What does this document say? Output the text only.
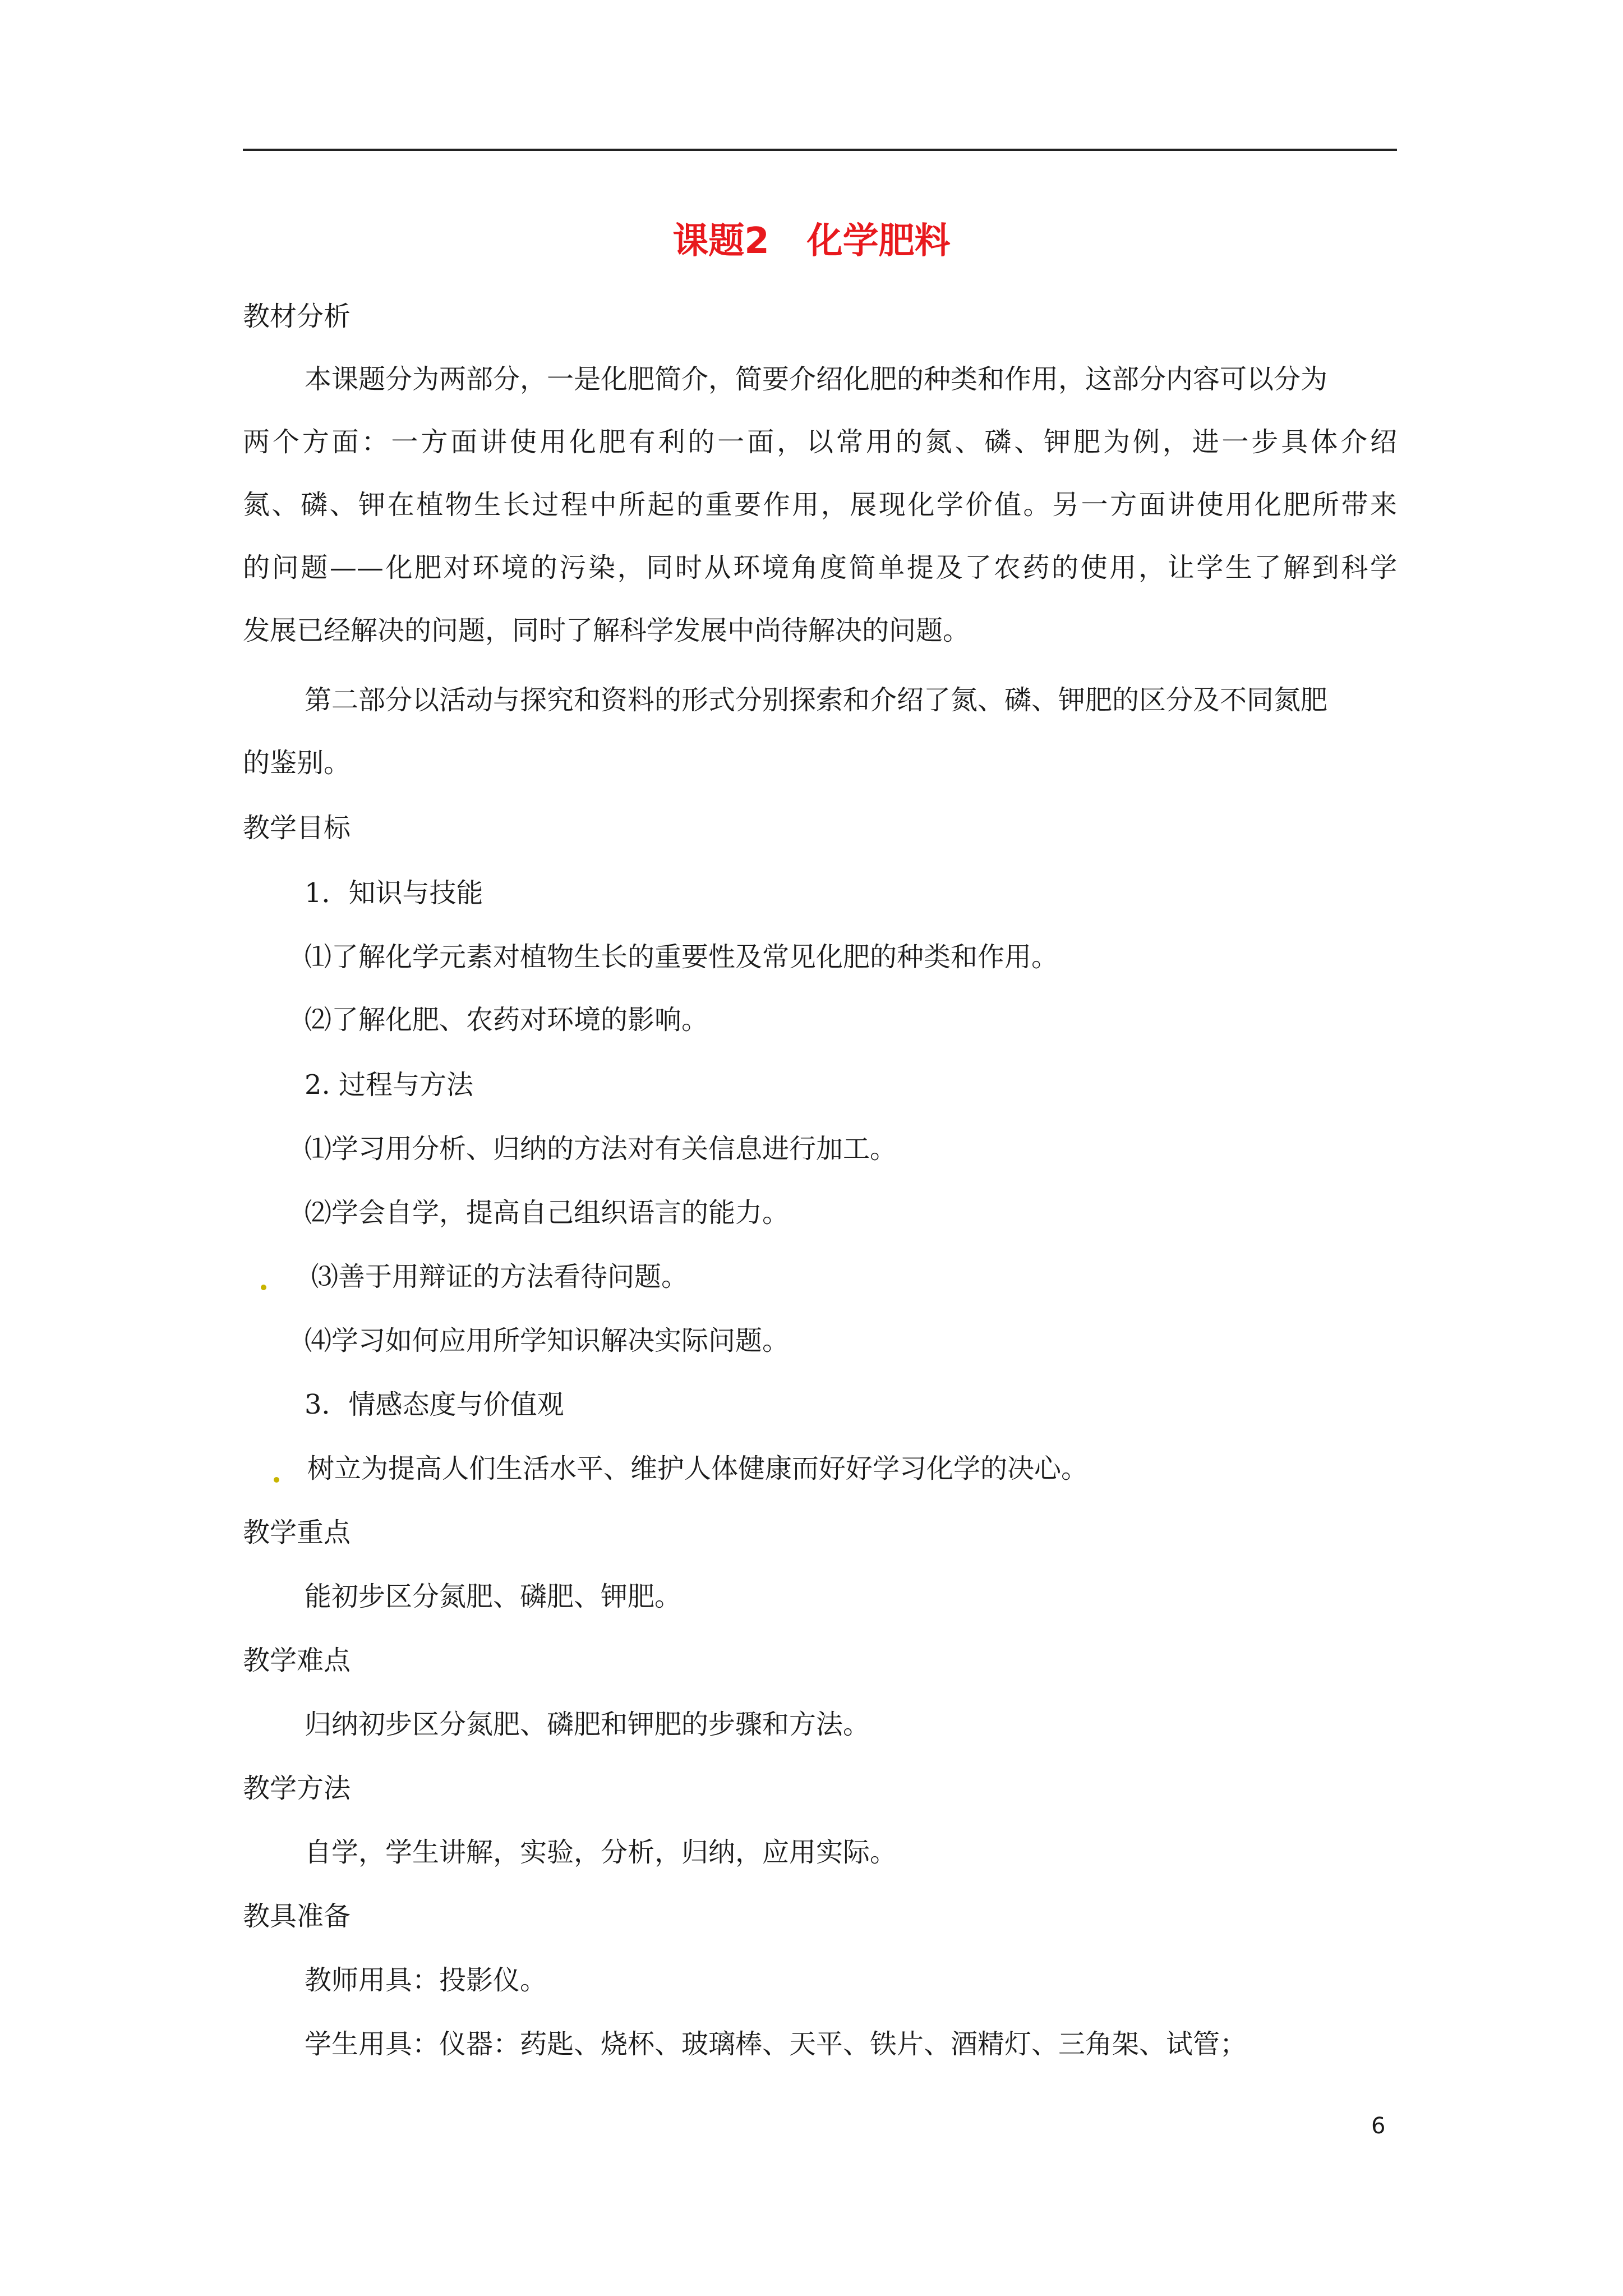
课题2   化学肥料
教材分析
本课题分为两部分，一是化肥简介，简要介绍化肥的种类和作用，这部分内容可以分为
两个方面：一方面讲使用化肥有利的一面，以常用的氮、磷、钾肥为例，进一步具体介绍
氮、磷、钾在植物生长过程中所起的重要作用，展现化学价值。另一方面讲使用化肥所带来
的问题——化肥对环境的污染，同时从环境角度简单提及了农药的使用，让学生了解到科学
发展已经解决的问题，同时了解科学发展中尚待解决的问题。
第二部分以活动与探究和资料的形式分别探索和介绍了氮、磷、钾肥的区分及不同氮肥
的鉴别。
教学目标
1．知识与技能
⑴了解化学元素对植物生长的重要性及常见化肥的种类和作用。
⑵了解化肥、农药对环境的影响。
2. 过程与方法
⑴学习用分析、归纳的方法对有关信息进行加工。
⑵学会自学，提高自己组织语言的能力。
⑶善于用辩证的方法看待问题。
⑷学习如何应用所学知识解决实际问题。
3．情感态度与价值观
树立为提高人们生活水平、维护人体健康而好好学习化学的决心。
教学重点
能初步区分氮肥、磷肥、钾肥。
教学难点
归纳初步区分氮肥、磷肥和钾肥的步骤和方法。
教学方法
自学，学生讲解，实验，分析，归纳，应用实际。
教具准备
教师用具：投影仪。
学生用具：仪器：药匙、烧杯、玻璃棒、天平、铁片、酒精灯、三角架、试管；
6
